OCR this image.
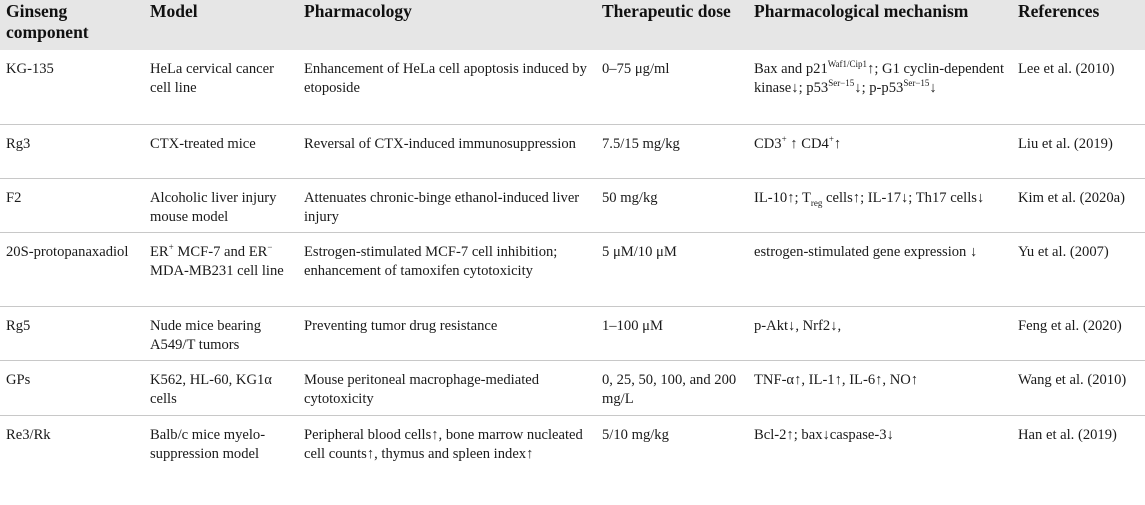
Ginseng component	Model	Pharmacology	Therapeutic dose	Pharmacological mechanism	References
KG-135	HeLa cervical cancer cell line	Enhancement of HeLa cell apoptosis induced by etoposide	0–75 μg/ml	Bax and $p21^{Waf1/Cip1}↑$; G1 cyclin-dependent kinase↓; $p53^{Ser-15}↓$; $p-p53^{Ser-15}↓$	Lee et al. (2010)
Rg3	CTX-treated mice	Reversal of CTX-induced immunosuppression	7.5/15 mg/kg	CD3+ ↑ CD4+↑	Liu et al. (2019)
F2	Alcoholic liver injury mouse model	Attenuates chronic-binge ethanol-induced liver injury	50 mg/kg	IL-10↑; $T_{reg}$ cells↑; IL-17↓; Th17 cells↓	Kim et al. (2020a)
20S-protopanaxadiol	ER+ MCF-7 and ER− MDA-MB231 cell line	Estrogen-stimulated MCF-7 cell inhibition; enhancement of tamoxifen cytotoxicity	5 μM/10 μM	estrogen-stimulated gene expression ↓	Yu et al. (2007)
Rg5	Nude mice bearing A549/T tumors	Preventing tumor drug resistance	1–100 μM	p-Akt↓, Nrf2↓,	Feng et al. (2020)
GPs	K562, HL-60, KG1α cells	Mouse peritoneal macrophage-mediated cytotoxicity	0, 25, 50, 100, and 200 mg/L	TNF-α↑, IL-1↑, IL-6↑, NO↑	Wang et al. (2010)
Re3/Rk	Balb/c mice myelo-suppression model	Peripheral blood cells↑, bone marrow nucleated cell counts↑, thymus and spleen index↑	5/10 mg/kg	Bcl-2↑; bax↓caspase-3↓	Han et al. (2019)
